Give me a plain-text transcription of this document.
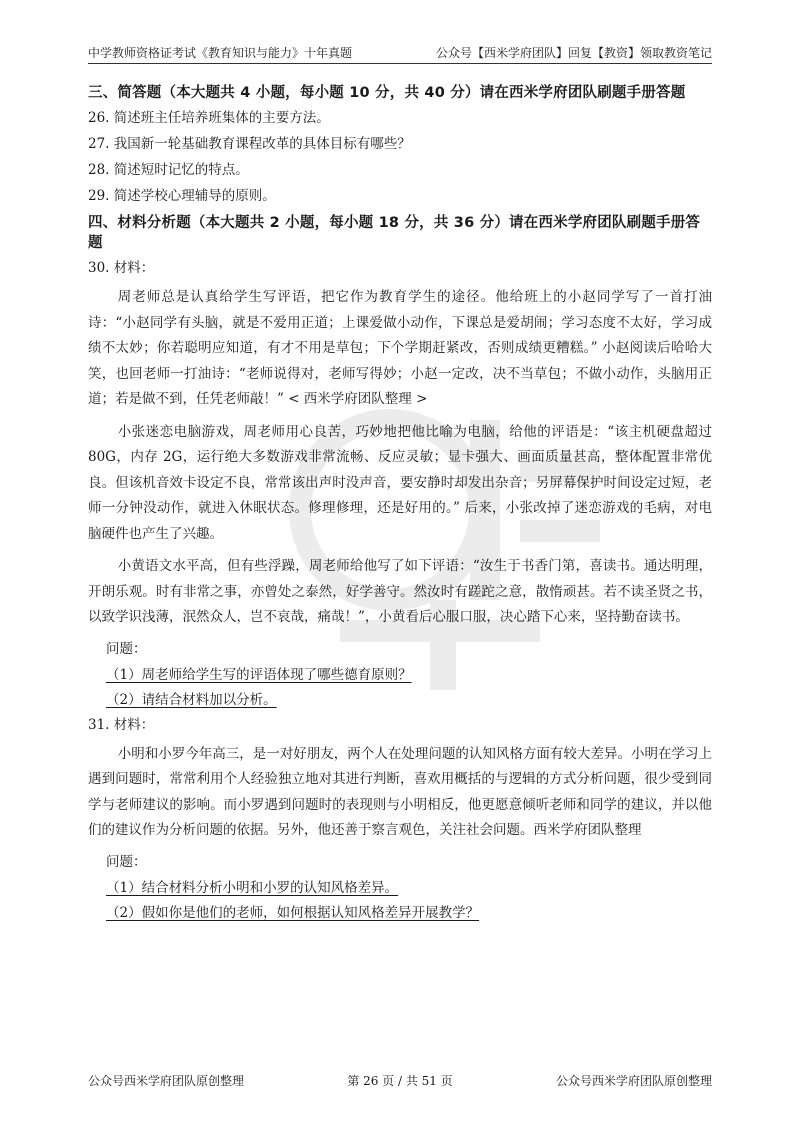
中学教师资格证考试《教育知识与能力》十年真题	公众号【西米学府团队】回复【教资】领取教资笔记
三、简答题（本大题共 4 小题，每小题 10 分，共 40 分）请在西米学府团队刷题手册答题
26. 简述班主任培养班集体的主要方法。
27. 我国新一轮基础教育课程改革的具体目标有哪些？
28. 简述短时记忆的特点。
29. 简述学校心理辅导的原则。
四、材料分析题（本大题共 2 小题，每小题 18 分，共 36 分）请在西米学府团队刷题手册答题
30. 材料：

周老师总是认真给学生写评语，把它作为教育学生的途径。他给班上的小赵同学写了一首打油诗：“小赵同学有头脑，就是不爱用正道；上课爱做小动作，下课总是爱胡闹；学习态度不太好，学习成绩不太妙；你若聪明应知道，有才不用是草包；下个学期赶紧改，否则成绩更糟糕。” 小赵阅读后哈哈大笑，也回老师一打油诗：“老师说得对，老师写得妙；小赵一定改，决不当草包；不做小动作，头脑用正道；若是做不到，任凭老师敲！” < 西米学府团队整理 >

小张迷恋电脑游戏，周老师用心良苦，巧妙地把他比喻为电脑，给他的评语是：“该主机硬盘超过 80G，内存 2G，运行绝大多数游戏非常流畅、反应灵敏；显卡强大、画面质量甚高，整体配置非常优良。但该机音效卡设定不良，常常该出声时没声音，要安静时却发出杂音；另屏幕保护时间设定过短，老师一分钟没动作，就进入休眠状态。修理修理，还是好用的。” 后来，小张改掉了迷恋游戏的毛病，对电脑硬件也产生了兴趣。

小黄语文水平高，但有些浮躁，周老师给他写了如下评语：“汝生于书香门第，喜读书。通达明理，开朗乐观。时有非常之事，亦曾处之泰然，好学善守。然汝时有蹉跎之意，散惰顽甚。若不读圣贤之书，以致学识浅薄，泯然众人，岂不哀哉，痛哉！”，小黄看后心服口服，决心踏下心来，坚持勤奋读书。

问题：
（1）周老师给学生写的评语体现了哪些德育原则？
（2）请结合材料加以分析。
31. 材料：

小明和小罗今年高三，是一对好朋友，两个人在处理问题的认知风格方面有较大差异。小明在学习上遇到问题时，常常利用个人经验独立地对其进行判断，喜欢用概括的与逻辑的方式分析问题，很少受到同学与老师建议的影响。而小罗遇到问题时的表现则与小明相反，他更愿意倾听老师和同学的建议，并以他们的建议作为分析问题的依据。另外，他还善于察言观色，关注社会问题。西米学府团队整理

问题：
（1）结合材料分析小明和小罗的认知风格差异。
（2）假如你是他们的老师，如何根据认知风格差异开展教学？
公众号西米学府团队原创整理	第 26 页 / 共 51 页	公众号西米学府团队原创整理
